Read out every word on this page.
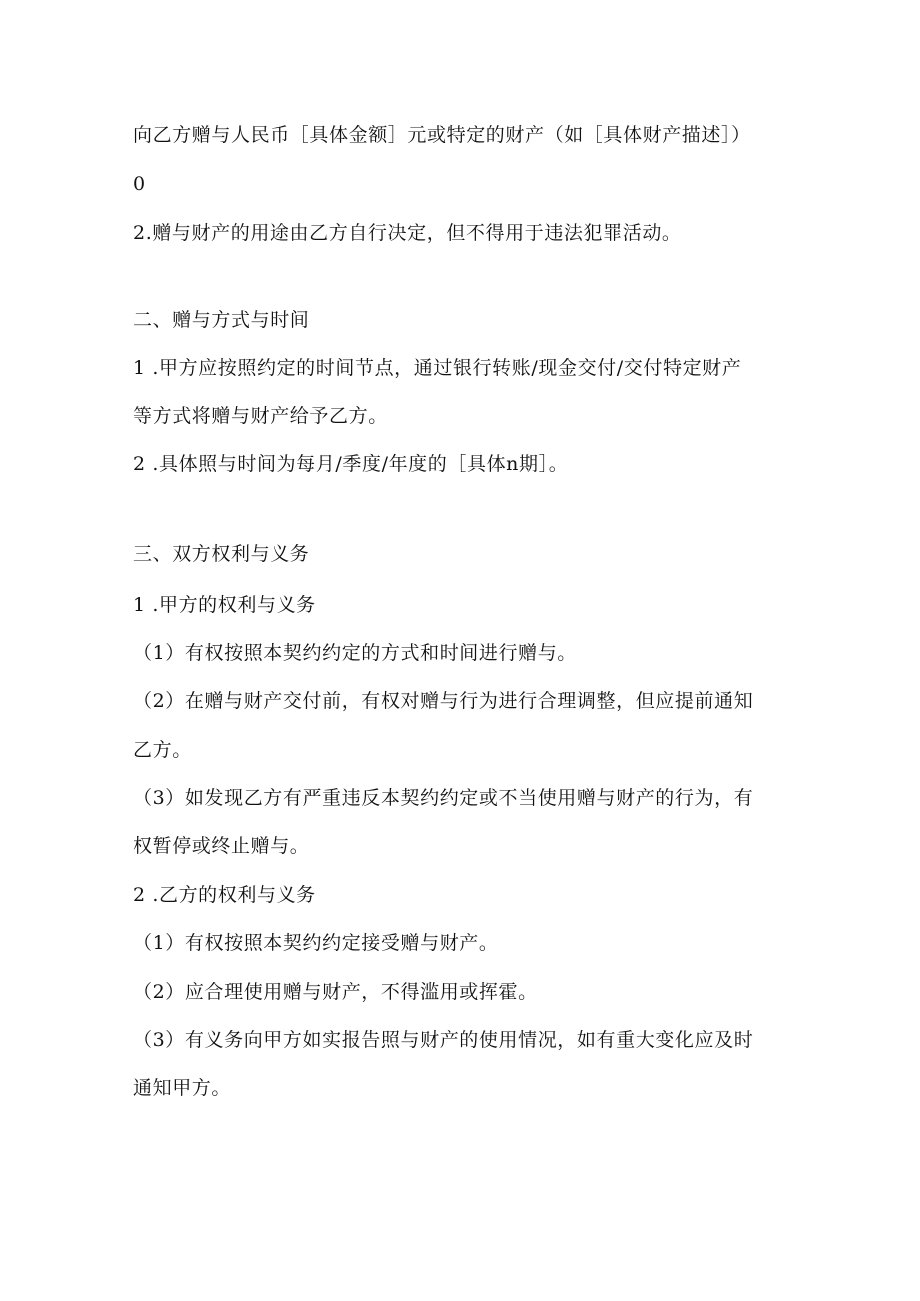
向乙方赠与人民币［具体金额］元或特定的财产（如［具体财产描述］）
0
2.赠与财产的用途由乙方自行决定，但不得用于违法犯罪活动。
二、赠与方式与时间
1 .甲方应按照约定的时间节点，通过银行转账/现金交付/交付特定财产
等方式将赠与财产给予乙方。
2 .具体照与时间为每月/季度/年度的［具体n期］。
三、双方权利与义务
1 .甲方的权利与义务
（1）有权按照本契约约定的方式和时间进行赠与。
（2）在赠与财产交付前，有权对赠与行为进行合理调整，但应提前通知
乙方。
（3）如发现乙方有严重违反本契约约定或不当使用赠与财产的行为，有
权暂停或终止赠与。
2 .乙方的权利与义务
（1）有权按照本契约约定接受赠与财产。
（2）应合理使用赠与财产，不得滥用或挥霍。
（3）有义务向甲方如实报告照与财产的使用情况，如有重大变化应及时
通知甲方。
